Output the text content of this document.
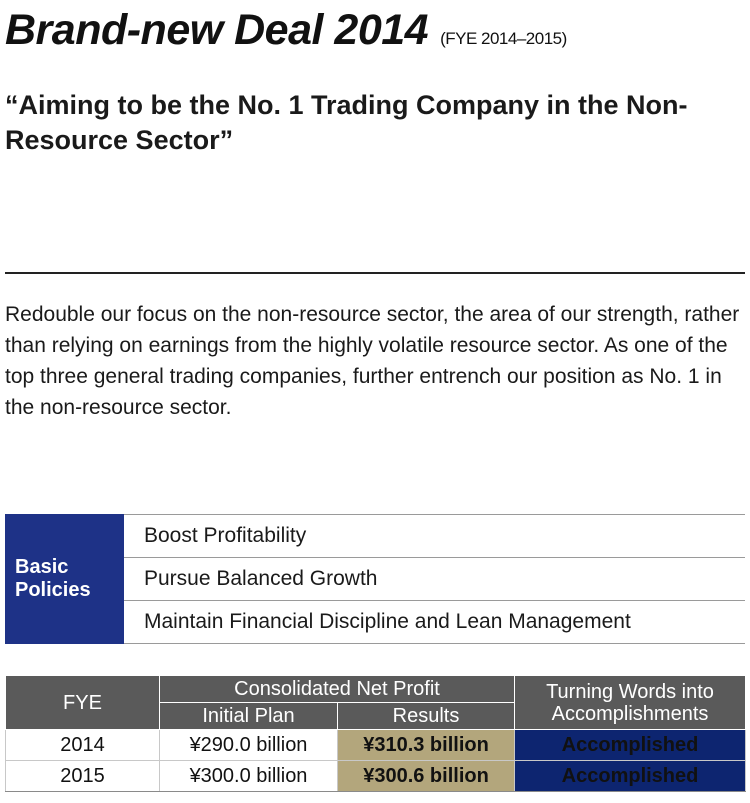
Brand-new Deal 2014 (FYE 2014–2015)
“Aiming to be the No. 1 Trading Company in the Non-Resource Sector”
Redouble our focus on the non-resource sector, the area of our strength, rather than relying on earnings from the highly volatile resource sector. As one of the top three general trading companies, further entrench our position as No. 1 in the non-resource sector.
Basic Policies
Boost Profitability
Pursue Balanced Growth
Maintain Financial Discipline and Lean Management
FYE	Consolidated Net Profit		Turning Words into Accomplishments
	Initial Plan	Results	
2014	¥290.0 billion	¥310.3 billion	Accomplished
2015	¥300.0 billion	¥300.6 billion	Accomplished
